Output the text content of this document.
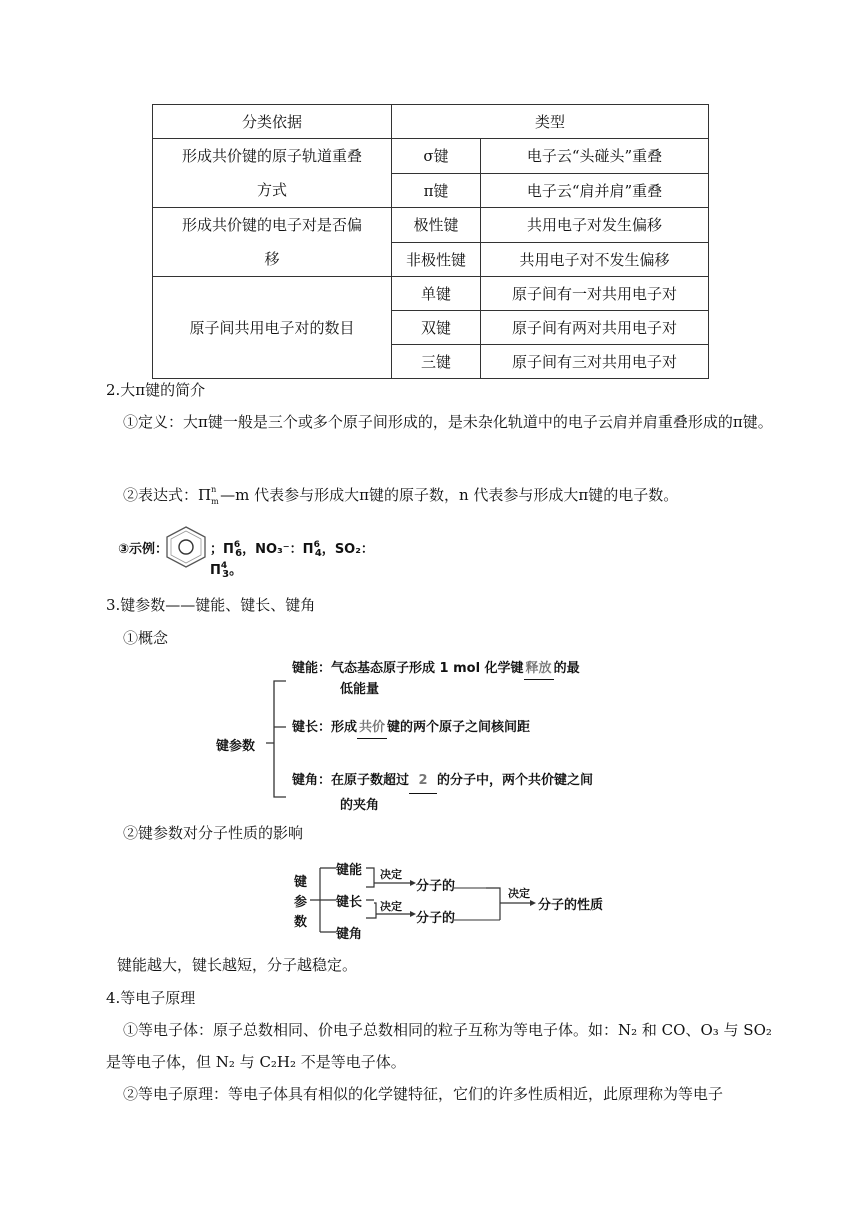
分类依据	类型	
形成共价键的原子轨道重叠
方式	σ键	电子云“头碰头”重叠
	π键	电子云“肩并肩”重叠
形成共价键的电子对是否偏
移	极性键	共用电子对发生偏移
	非极性键	共用电子对不发生偏移
原子间共用电子对的数目	单键	原子间有一对共用电子对
	双键	原子间有两对共用电子对
	三键	原子间有三对共用电子对
2.大π键的简介
①定义：大π键一般是三个或多个原子间形成的，是未杂化轨道中的电子云肩并肩重叠形成的π键。
②表达式：Π n
m —m 代表参与形成大π键的原子数，n 代表参与形成大π键的电子数。
③示例：	；$\Pi^6_6$，NO₃⁻：$\Pi^6_4$，SO₂：$\Pi^4_3$。
3.键参数——键能、键长、键角
①概念
键参数
键能：气态基态原子形成 1 mol 化学键 释放 的最
低能量
键长：形成 共价 键的两个原子之间核间距
键角：在原子数超过 2 的分子中，两个共价键之间
的夹角
②键参数对分子性质的影响
键参数
键能
键长
键角
决定
决定
分子的
分子的
决定
分子的性质
键能越大，键长越短，分子越稳定。
4.等电子原理
①等电子体：原子总数相同、价电子总数相同的粒子互称为等电子体。如：N₂ 和 CO、O₃ 与 SO₂ 是等电子体，但 N₂ 与 C₂H₂ 不是等电子体。
②等电子原理：等电子体具有相似的化学键特征，它们的许多性质相近，此原理称为等电子
